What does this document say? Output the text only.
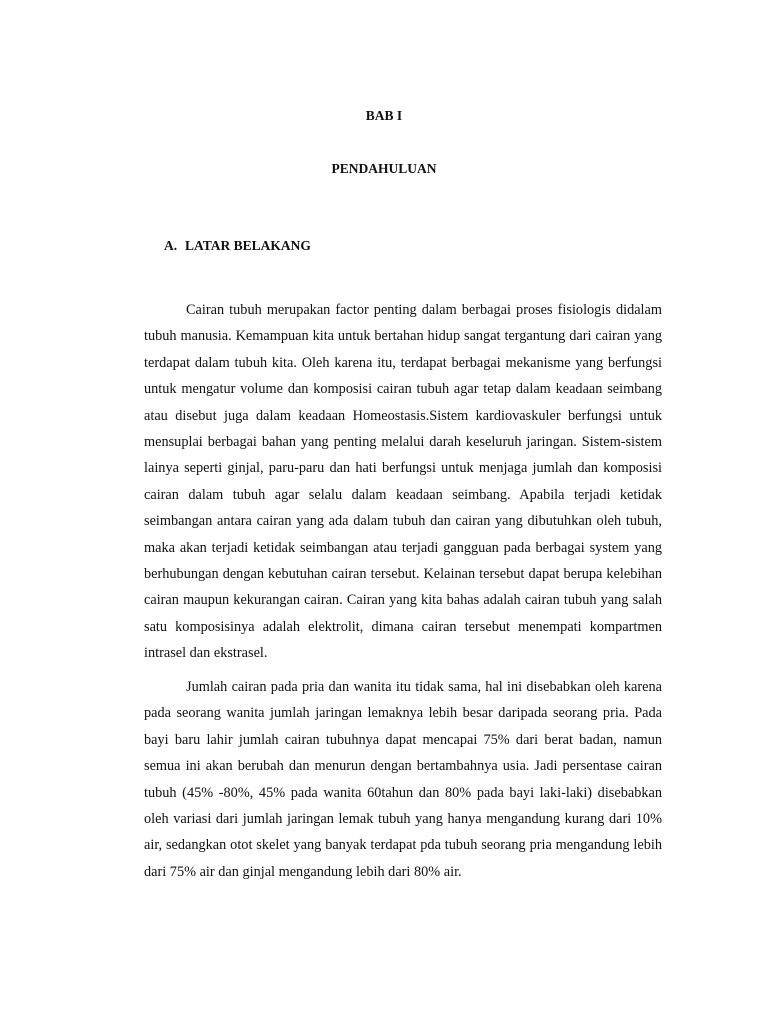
BAB I
PENDAHULUAN
A. LATAR BELAKANG

Cairan tubuh merupakan factor penting dalam berbagai proses fisiologis didalam tubuh manusia. Kemampuan kita untuk bertahan hidup sangat tergantung dari cairan yang terdapat dalam tubuh kita. Oleh karena itu, terdapat berbagai mekanisme yang berfungsi untuk mengatur volume dan komposisi cairan tubuh agar tetap dalam keadaan seimbang atau disebut juga dalam keadaan Homeostasis.Sistem kardiovaskuler berfungsi untuk mensuplai berbagai bahan yang penting melalui darah keseluruh jaringan. Sistem-sistem lainya seperti ginjal, paru-paru dan hati berfungsi untuk menjaga jumlah dan komposisi cairan dalam tubuh agar selalu dalam keadaan seimbang. Apabila terjadi ketidak seimbangan antara cairan yang ada dalam tubuh dan cairan yang dibutuhkan oleh tubuh, maka akan terjadi ketidak seimbangan atau terjadi gangguan pada berbagai system yang berhubungan dengan kebutuhan cairan tersebut. Kelainan tersebut dapat berupa kelebihan cairan maupun kekurangan cairan. Cairan yang kita bahas adalah cairan tubuh yang salah satu komposisinya adalah elektrolit, dimana cairan tersebut menempati kompartmen intrasel dan ekstrasel.

Jumlah cairan pada pria dan wanita itu tidak sama, hal ini disebabkan oleh karena pada seorang wanita jumlah jaringan lemaknya lebih besar daripada seorang pria. Pada bayi baru lahir jumlah cairan tubuhnya dapat mencapai 75% dari berat badan, namun semua ini akan berubah dan menurun dengan bertambahnya usia. Jadi persentase cairan tubuh (45% -80%, 45% pada wanita 60tahun dan 80% pada bayi laki-laki) disebabkan oleh variasi dari jumlah jaringan lemak tubuh yang hanya mengandung kurang dari 10% air, sedangkan otot skelet yang banyak terdapat pda tubuh seorang pria mengandung lebih dari 75% air dan ginjal mengandung lebih dari 80% air.
